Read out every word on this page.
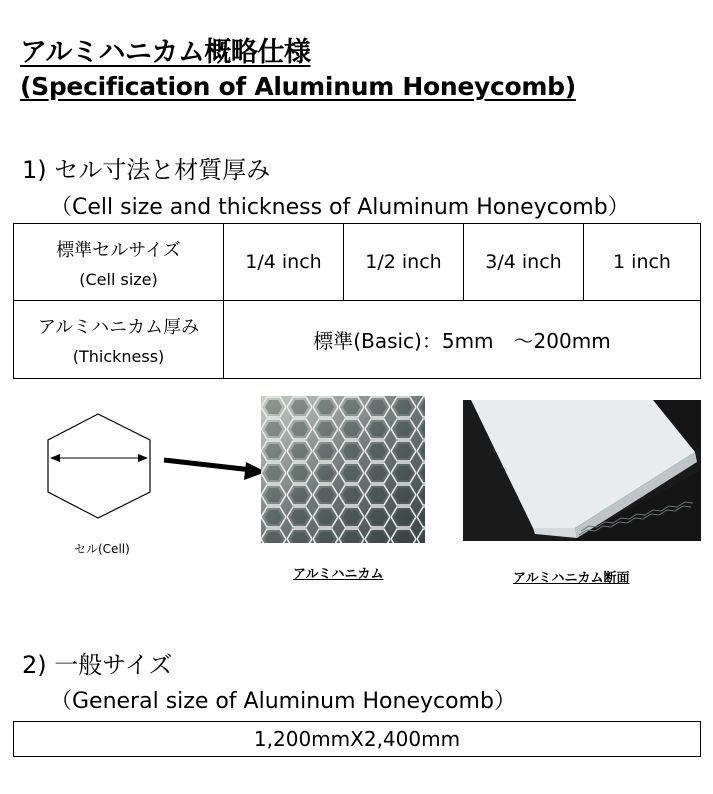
アルミハニカム概略仕様
(Specification of Aluminum Honeycomb)
1) セル寸法と材質厚み
（Cell size and thickness of Aluminum Honeycomb）
標準セルサイズ
(Cell size)	1/4 inch	1/2 inch	3/4 inch	1 inch

アルミハニカム厚み
(Thickness)	標準(Basic)：5mm　～200mm			
セル(Cell)
アルミハニカム	アルミハニカム断面
2) 一般サイズ
（General size of Aluminum Honeycomb）
1,200mmX2,400mm
